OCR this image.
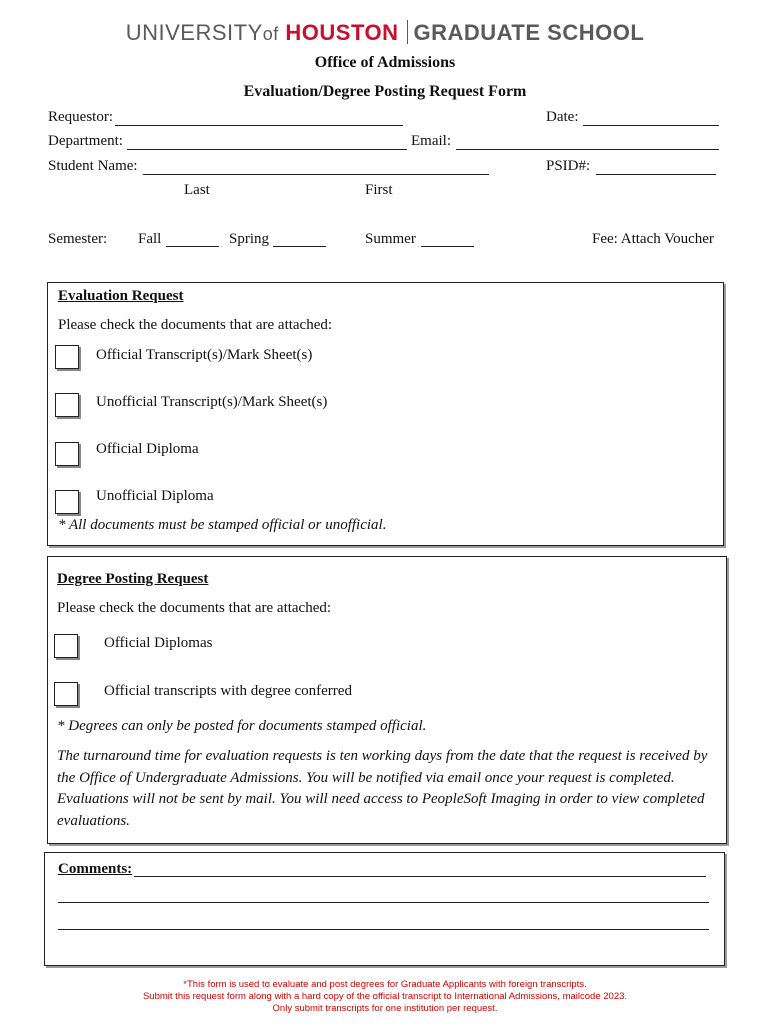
UNIVERSITYof HOUSTON GRADUATE SCHOOL
Office of Admissions
Evaluation/Degree Posting Request Form
Requestor:	Date:
Department:	Email:
Student Name:	PSID#:
Last	First
Semester: Fall	Spring	Summer	Fee: Attach Voucher
Evaluation Request
Please check the documents that are attached:
Official Transcript(s)/Mark Sheet(s)
Unofficial Transcript(s)/Mark Sheet(s)
Official Diploma
Unofficial Diploma
* All documents must be stamped official or unofficial.
Degree Posting Request
Please check the documents that are attached:
Official Diplomas
Official transcripts with degree conferred
* Degrees can only be posted for documents stamped official.
The turnaround time for evaluation requests is ten working days from the date that the request is received by the Office of Undergraduate Admissions. You will be notified via email once your request is completed. Evaluations will not be sent by mail. You will need access to PeopleSoft Imaging in order to view completed evaluations.
Comments:
*This form is used to evaluate and post degrees for Graduate Applicants with foreign transcripts.
Submit this request form along with a hard copy of the official transcript to International Admissions, mailcode 2023.
Only submit transcripts for one institution per request.
